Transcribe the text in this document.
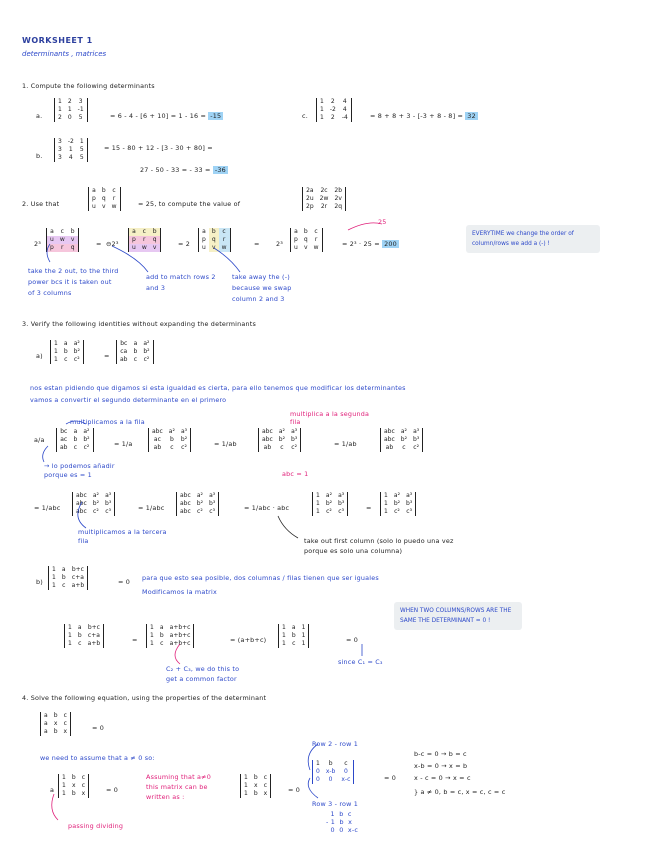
WORKSHEET 1
determinants , matrices
1. Compute the following determinants
a.
1	2	3
1	1	-1
2	0	5	= 6 - 4 - [6 + 10] = 1 - 16 = -15	c.
1	2	4
1	-2	4
1	2	-4	= 8 + 8 + 3 - [-3 + 8 - 8] = 32
b.
3	-2	1
3	1	5
3	4	5
= 15 - 80 + 12 - [3 - 30 + 80] =
27 - 50 - 33 = - 33 = -36
2. Use that
a	b	c
p	q	r
u	v	w	= 25, to compute the value of
2a	2c	2b
2u	2w	2v
2p	2r	2q
2³
a	c	b
u	w	v
p	r	q	= ⊖2³
a	c	b
p	r	q
u	w	v	= 2
a	b	c
p	q	r
u	v	w	=	2³
a	b	c
p	q	r
u	v	w
25
= 2³ · 25 = 200
EVERYTIME we change the order of column/rows we add a (-) !
take the 2 out, to the third power bcs it is taken out of 3 columns
add to match rows 2 and 3
take away the (-) because we swap column 2 and 3
3. Verify the following identities without expanding the determinants
a)
1	a	a²
1	b	b²
1	c	c²	=
bc	a	a²
ca	b	b²
ab	c	c²
nos estan pidiendo que digamos si esta igualdad es cierta, para ello tenemos que modificar los determinantes
vamos a convertir el segundo determinante en el primero
multiplicamos a la fila
multiplica a la segunda fila
a/a
bc	a	a²
ac	b	b²
ab	c	c²	= 1/a
abc	a²	a³
ac	b	b²
ab	c	c²	= 1/ab
abc	a²	a³
abc	b²	b³
ab	c	c²	= 1/ab
abc	a²	a³
abc	b²	b³
ab	c	c²
→ lo podemos añadir porque es = 1	abc = 1
= 1/abc
abc	a²	a³
abc	b²	b³
abc	c²	c³	= 1/abc
abc	a²	a³
abc	b²	b³
abc	c²	c³	= 1/abc · abc
1	a²	a³
1	b²	b³
1	c²	c³	=
1	a²	a³
1	b²	b³
1	c²	c³
multiplicamos a la tercera fila	take out first column (solo lo puedo una vez porque es solo una columna)
b)
1	a	b+c
1	b	c+a
1	c	a+b	= 0 para que esto sea posible, dos columnas / filas tienen que ser iguales
Modificamos la matrix
WHEN TWO COLUMNS/ROWS ARE THE SAME THE DETERMINANT = 0 !
1	a	b+c
1	b	c+a
1	c	a+b	=
1	a	a+b+c
1	b	a+b+c
1	c	a+b+c	= (a+b+c)
1	a	1
1	b	1
1	c	1	= 0
C₂ + C₃, we do this to get a common factor
since C₁ = C₃
4. Solve the following equation, using the properties of the determinant
a	b	c
a	x	c
a	b	x	= 0
we need to assume that a ≠ 0 so:
a
1	b	c
1	x	c
1	b	x	= 0
Assuming that a≠0 this matrix can be written as :
passing dividing
1	b	c
1	x	c
1	b	x	= 0
Row 2 - row 1
1	b	c
0	x-b	0
0	0	x-c	= 0
Row 3 - row 1
1  b  c
- 1  b  x
0  0  x-c
b-c = 0 → b = c
x-b = 0 → x = b
x - c = 0 → x = c
} a ≠ 0, b = c, x = c, c = c
